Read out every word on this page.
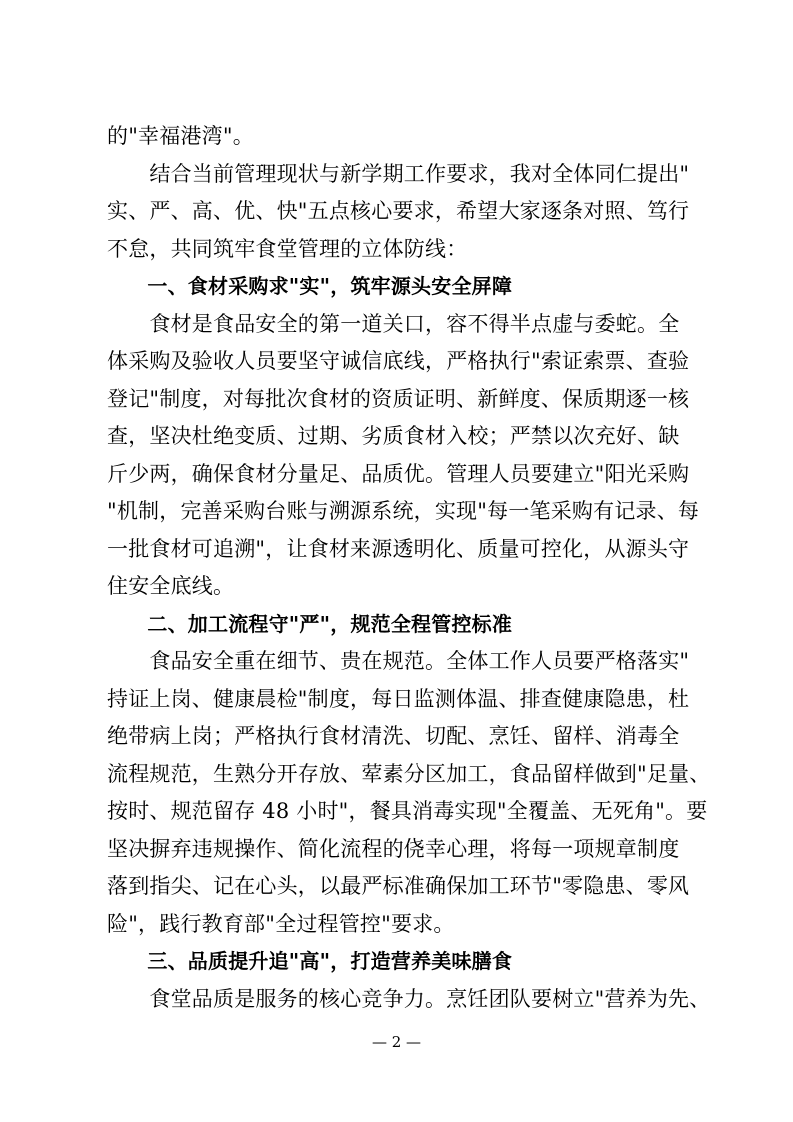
的"幸福港湾"。
　　结合当前管理现状与新学期工作要求，我对全体同仁提出"
实、严、高、优、快"五点核心要求，希望大家逐条对照、笃行
不怠，共同筑牢食堂管理的立体防线：
　　一、食材采购求"实"，筑牢源头安全屏障
　　食材是食品安全的第一道关口，容不得半点虚与委蛇。全
体采购及验收人员要坚守诚信底线，严格执行"索证索票、查验
登记"制度，对每批次食材的资质证明、新鲜度、保质期逐一核
查，坚决杜绝变质、过期、劣质食材入校；严禁以次充好、缺
斤少两，确保食材分量足、品质优。管理人员要建立"阳光采购
"机制，完善采购台账与溯源系统，实现"每一笔采购有记录、每
一批食材可追溯"，让食材来源透明化、质量可控化，从源头守
住安全底线。
　　二、加工流程守"严"，规范全程管控标准
　　食品安全重在细节、贵在规范。全体工作人员要严格落实"
持证上岗、健康晨检"制度，每日监测体温、排查健康隐患，杜
绝带病上岗；严格执行食材清洗、切配、烹饪、留样、消毒全
流程规范，生熟分开存放、荤素分区加工，食品留样做到"足量、
按时、规范留存 48 小时"，餐具消毒实现"全覆盖、无死角"。要
坚决摒弃违规操作、简化流程的侥幸心理，将每一项规章制度
落到指尖、记在心头，以最严标准确保加工环节"零隐患、零风
险"，践行教育部"全过程管控"要求。
　　三、品质提升追"高"，打造营养美味膳食
　　食堂品质是服务的核心竞争力。烹饪团队要树立"营养为先、
— 2 —
